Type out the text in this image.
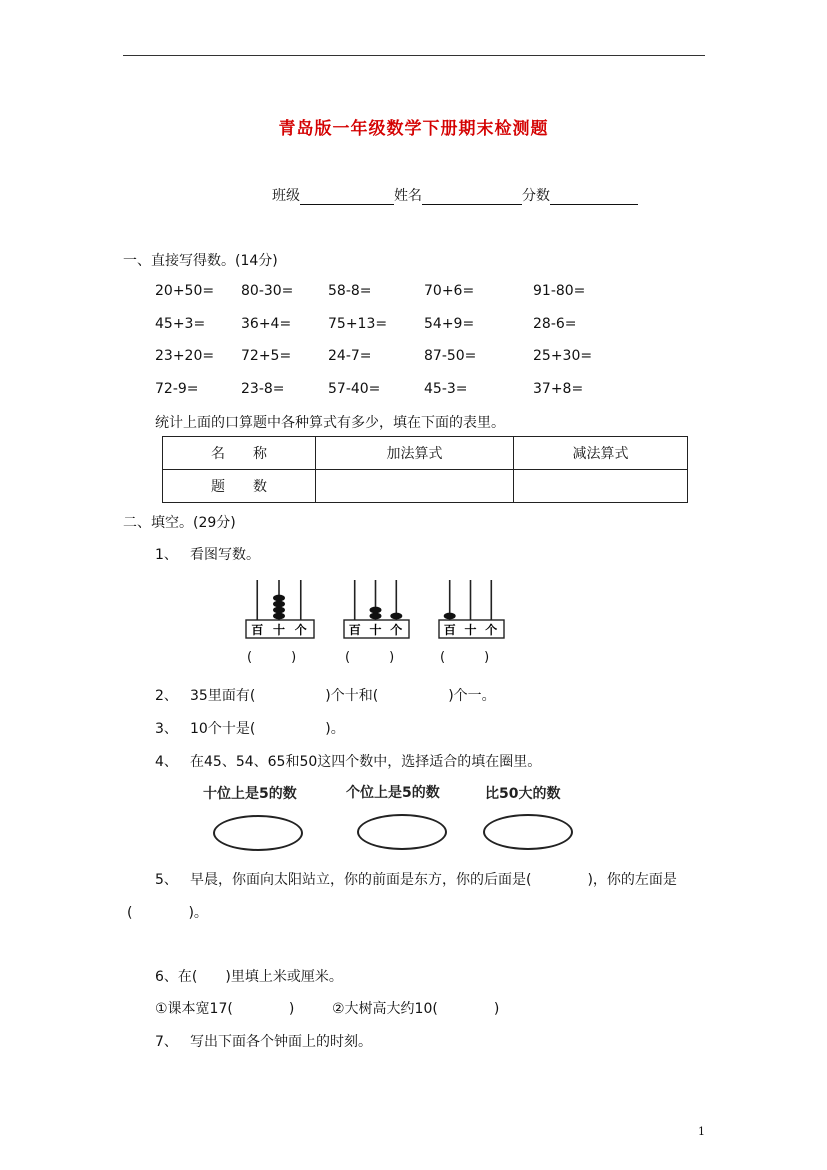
青岛版一年级数学下册期末检测题
班级	姓名	分数
一、直接写得数。(14分)
20+50= 80-30= 58-8=	70+6=	91-80=
45+3=	36+4=	75+13=	54+9=	28-6=
23+20= 72+5=	24-7=	87-50=	25+30=
72-9=	23-8=	57-40=	45-3=	37+8=
统计上面的口算题中各种算式有多少，填在下面的表里。
名　　称	加法算式	减法算式
题　　数		
二、填空。(29分)
1、 看图写数。
百 十 个
(　　　)
百 十 个
(　　　)
百 十 个
(　　　)
2、 35里面有(　　　　　)个十和(　　　　　)个一。
3、 10个十是(　　　　　)。
4、 在45、54、65和50这四个数中，选择适合的填在圈里。
十位上是5的数	个位上是5的数	比50大的数
5、 早晨，你面向太阳站立，你的前面是东方，你的后面是(　　　　)，你的左面是
(　　　　)。
6、在(　　)里填上米或厘米。
①课本宽17(　　　　)	②大树高大约10(　　　　)
7、 写出下面各个钟面上的时刻。
1
